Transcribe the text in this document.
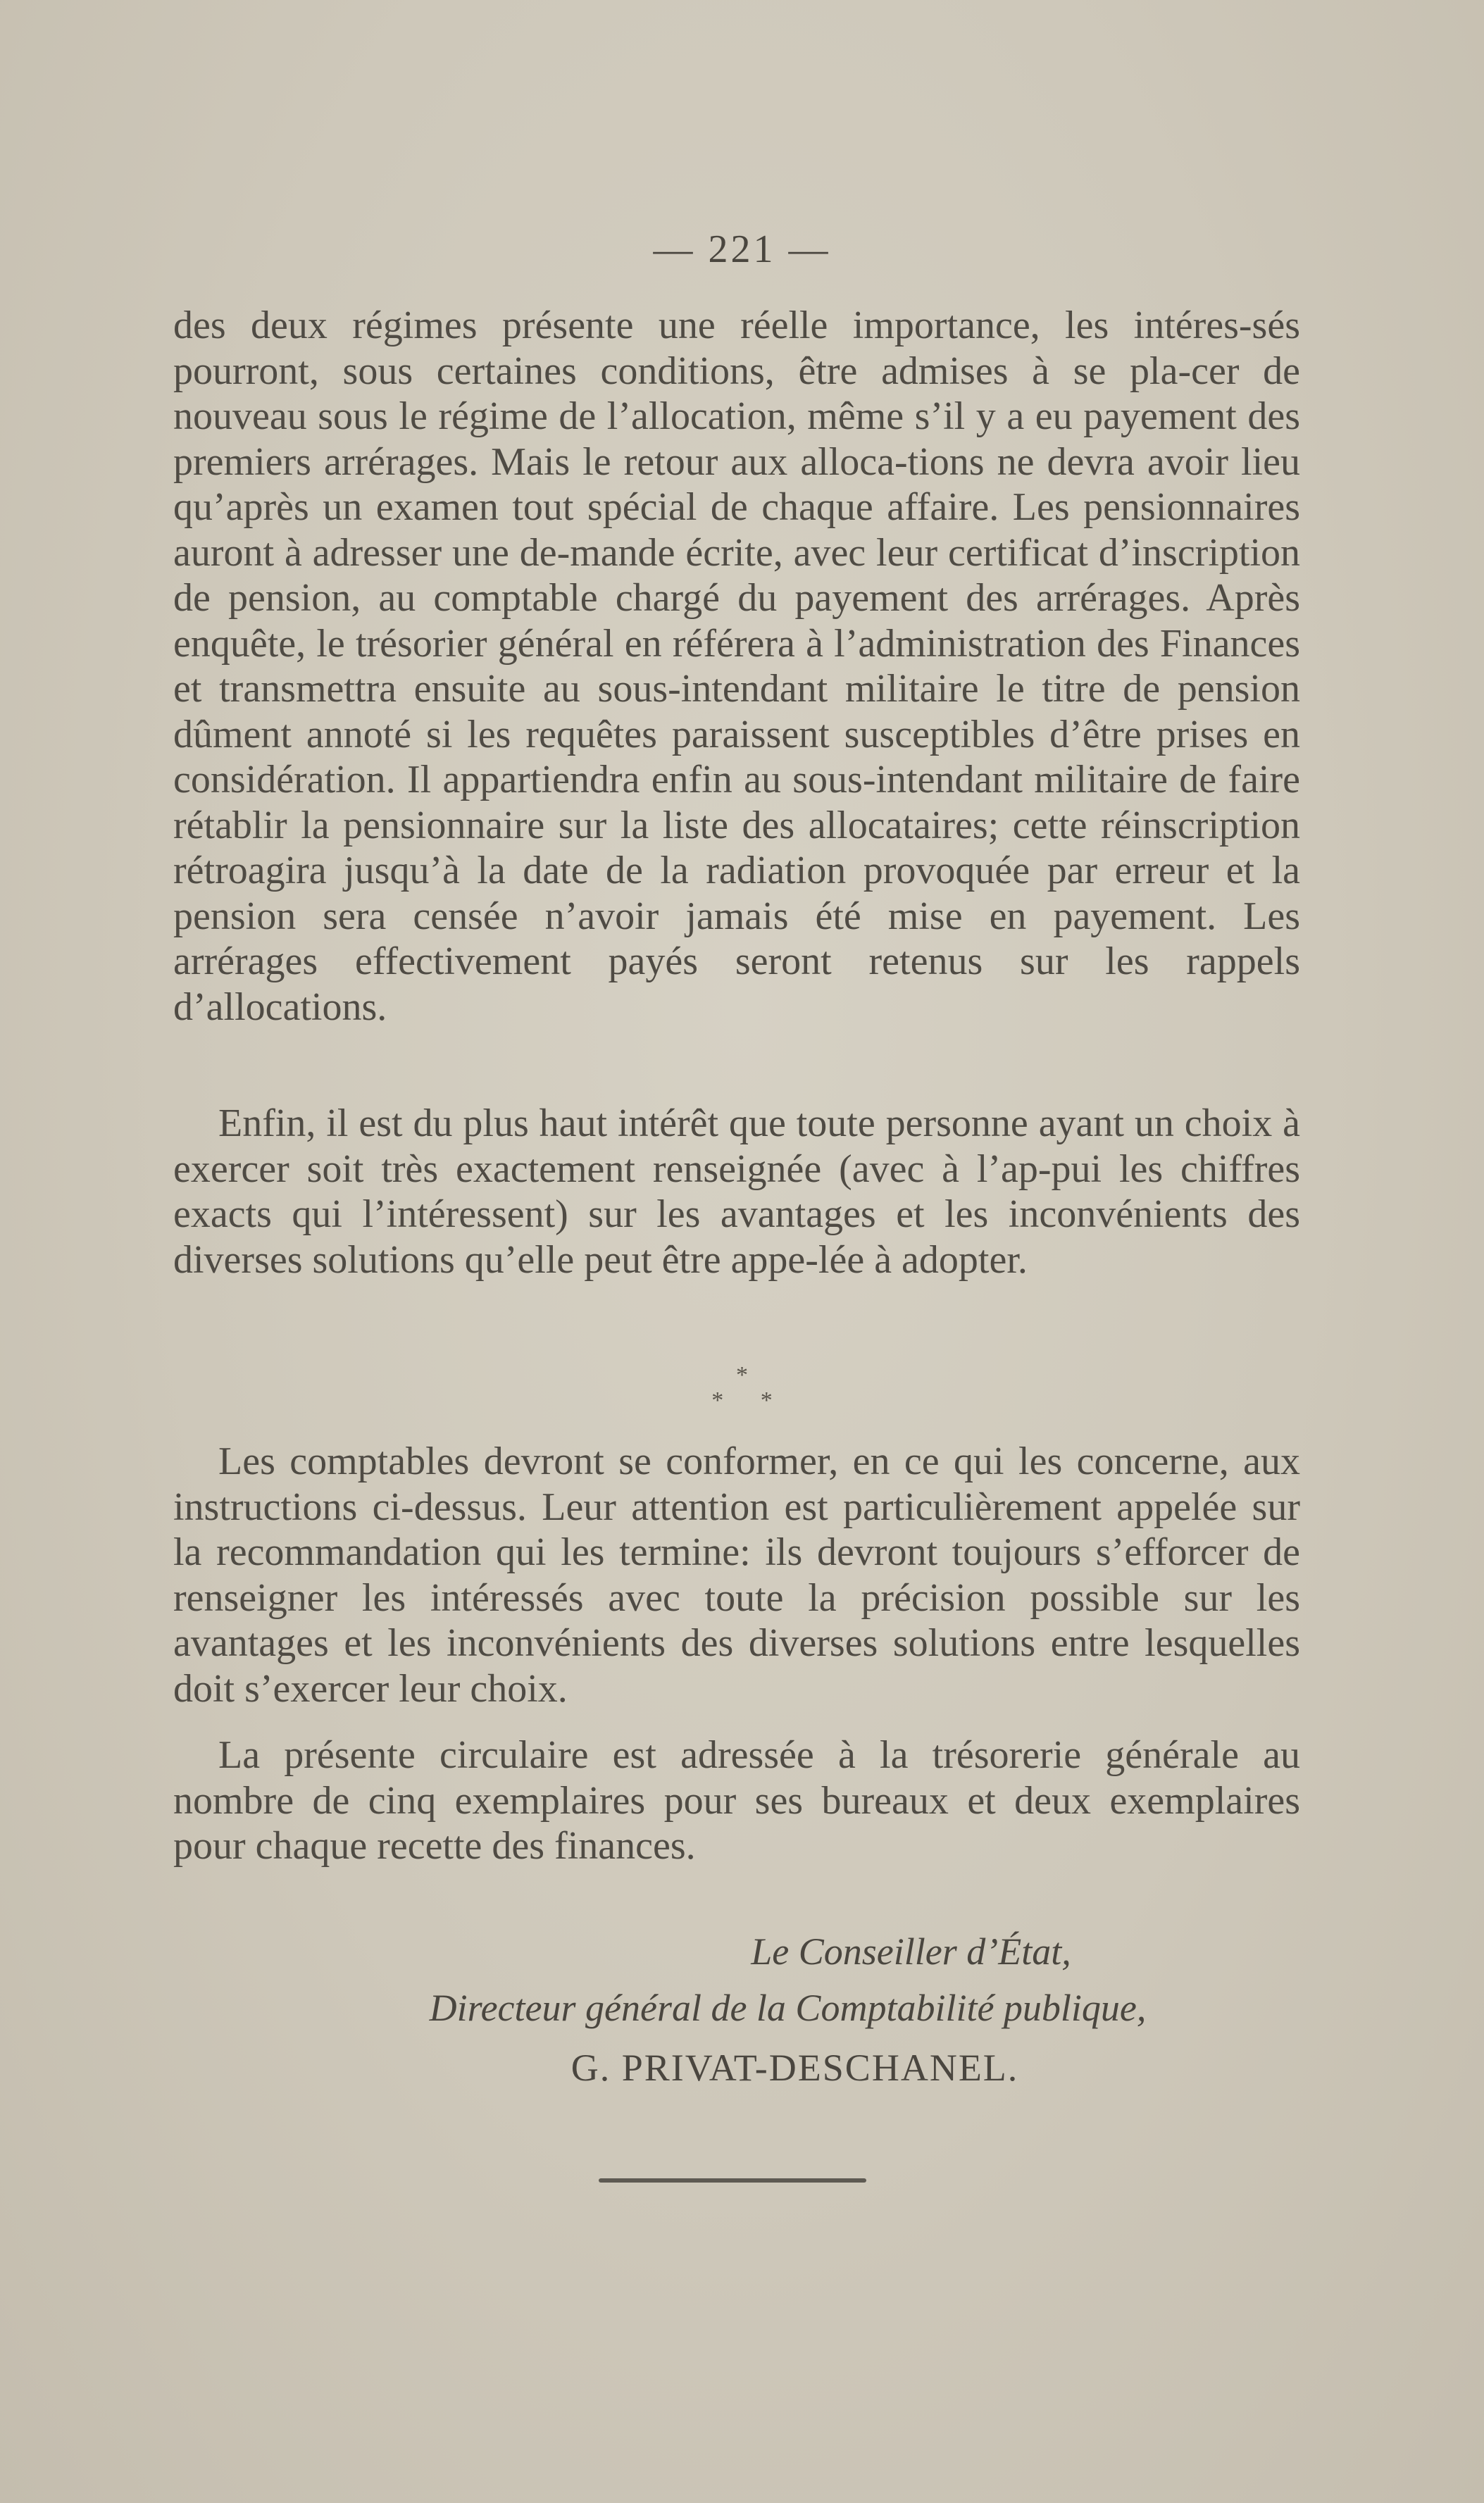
— 221 —

des deux régimes présente une réelle importance, les intéres-sés pourront, sous certaines conditions, être admises à se pla-cer de nouveau sous le régime de l’allocation, même s’il y a eu payement des premiers arrérages. Mais le retour aux alloca-tions ne devra avoir lieu qu’après un examen tout spécial de chaque affaire. Les pensionnaires auront à adresser une de-mande écrite, avec leur certificat d’inscription de pension, au comptable chargé du payement des arrérages. Après enquête, le trésorier général en référera à l’administration des Finances et transmettra ensuite au sous-intendant militaire le titre de pension dûment annoté si les requêtes paraissent susceptibles d’être prises en considération. Il appartiendra enfin au sous-intendant militaire de faire rétablir la pensionnaire sur la liste des allocataires; cette réinscription rétroagira jusqu’à la date de la radiation provoquée par erreur et la pension sera censée n’avoir jamais été mise en payement. Les arrérages effectivement payés seront retenus sur les rappels d’allocations.

Enfin, il est du plus haut intérêt que toute personne ayant un choix à exercer soit très exactement renseignée (avec à l’ap-pui les chiffres exacts qui l’intéressent) sur les avantages et les inconvénients des diverses solutions qu’elle peut être appe-lée à adopter.

*
* *

Les comptables devront se conformer, en ce qui les concerne, aux instructions ci-dessus. Leur attention est particulièrement appelée sur la recommandation qui les termine: ils devront toujours s’efforcer de renseigner les intéressés avec toute la précision possible sur les avantages et les inconvénients des diverses solutions entre lesquelles doit s’exercer leur choix.

La présente circulaire est adressée à la trésorerie générale au nombre de cinq exemplaires pour ses bureaux et deux exemplaires pour chaque recette des finances.

Le Conseiller d’État,
Directeur général de la Comptabilité publique,
G. PRIVAT-DESCHANEL.
